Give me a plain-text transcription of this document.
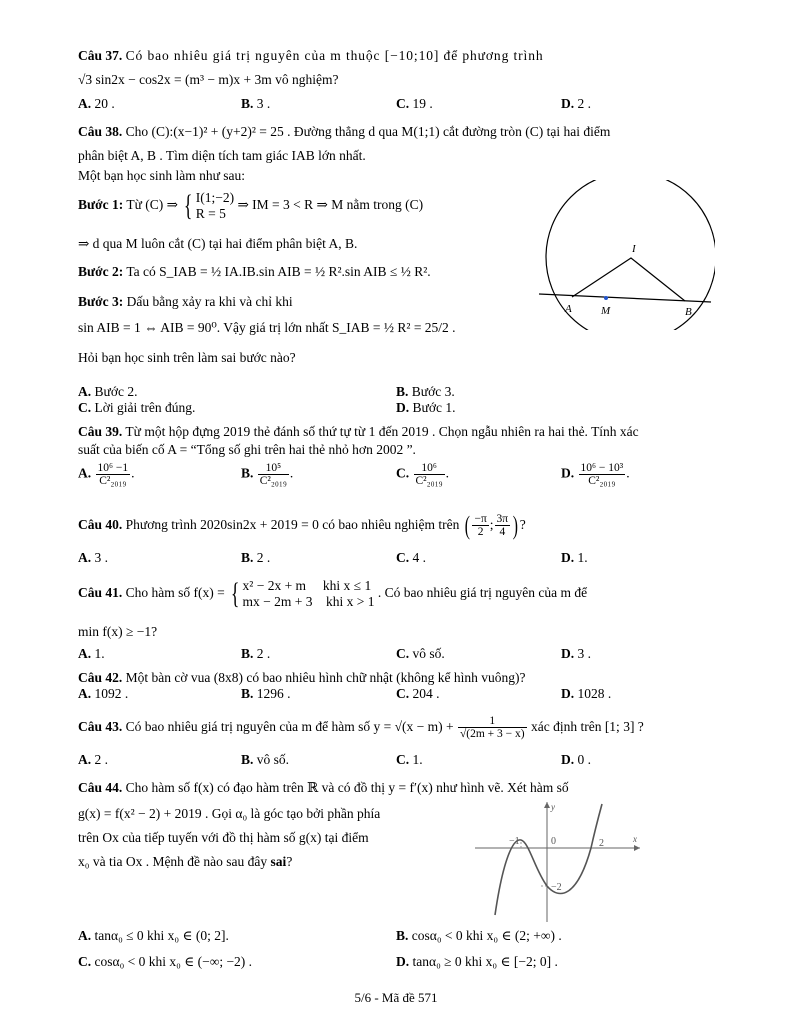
Câu 37. Có bao nhiêu giá trị nguyên của m thuộc [−10;10] để phương trình
√3 sin2x − cos2x = (m³ − m)x + 3m vô nghiệm?
A. 20 .	B. 3 .	C. 19 .	D. 2 .
Câu 38. Cho (C):(x−1)² + (y+2)² = 25 . Đường thẳng d qua M(1;1) cắt đường tròn (C) tại hai điểm
phân biệt A, B . Tìm diện tích tam giác IAB lớn nhất.
Một bạn học sinh làm như sau:
Bước 1: Từ (C) ⇒ { I(1;−2)
R = 5
⇒ IM = 3 < R ⇒ M nằm trong (C)
⇒ d qua M luôn cắt (C) tại hai điểm phân biệt A, B.
Bước 2: Ta có S_IAB = ½ IA.IB.sin AIB = ½ R².sin AIB ≤ ½ R².
Bước 3: Dấu bằng xảy ra khi và chỉ khi
sin AIB = 1 ⇔ AIB = 90⁰. Vậy giá trị lớn nhất S_IAB = ½ R² = 25/2 .
Hỏi bạn học sinh trên làm sai bước nào?
A. Bước 2.	B. Bước 3.
C. Lời giải trên đúng.	D. Bước 1.
I
A	M	B
Câu 39. Từ một hộp đựng 2019 thẻ đánh số thứ tự từ 1 đến 2019 . Chọn ngẫu nhiên ra hai thẻ. Tính xác
suất của biến cố A = “Tổng số ghi trên hai thẻ nhỏ hơn 2002 ”.
A. $\frac{\text{10⁶ −1}}{\text{C²₂₀₁₉}}$ .	B. $\frac{\text{10⁵}}{\text{C²₂₀₁₉}}$ .	C. $\frac{\text{10⁶}}{\text{C²₂₀₁₉}}$ .	D. $\frac{\text{10⁶ − 10³}}{\text{C²₂₀₁₉}}$ .
Câu 40. Phương trình 2020sin2x + 2019 = 0 có bao nhiêu nghiệm trên ( $\frac{-\pi}{2}$ ; $\frac{3\pi}{4}$ ) ?
A. 3 .	B. 2 .	C. 4 .	D. 1.
Câu 41. Cho hàm số f(x) = { x² − 2x + m     khi x ≤ 1
mx − 2m + 3    khi x > 1
. Có bao nhiêu giá trị nguyên của m để
min f(x) ≥ −1?
A. 1.	B. 2 .	C. vô số.	D. 3 .
Câu 42. Một bàn cờ vua (8x8) có bao nhiêu hình chữ nhật (không kể hình vuông)?
A. 1092 .	B. 1296 .	C. 204 .	D. 1028 .
Câu 43. Có bao nhiêu giá trị nguyên của m để hàm số $y = √(x - m) + \frac{1}{√(2m + 3 - x)}$ xác định trên [1; 3] ?
A. 2 .	B. vô số.	C. 1.	D. 0 .
Câu 44. Cho hàm số f(x) có đạo hàm trên ℝ và có đồ thị y = f′(x) như hình vẽ. Xét hàm số
g(x) = f(x² − 2) + 2019 . Gọi α₀ là góc tạo bởi phần phía
trên Ox của tiếp tuyến với đồ thị hàm số g(x) tại điểm
x₀ và tia Ox . Mệnh đề nào sau đây sai?
y
x
−1	0	2
−2
A. tanα₀ ≤ 0 khi x₀ ∈ (0; 2].	B. cosα₀ < 0 khi x₀ ∈ (2; +∞) .
C. cosα₀ < 0 khi x₀ ∈ (−∞; −2) .	D. tanα₀ ≥ 0 khi x₀ ∈ [−2; 0] .
5/6 - Mã đề 571
